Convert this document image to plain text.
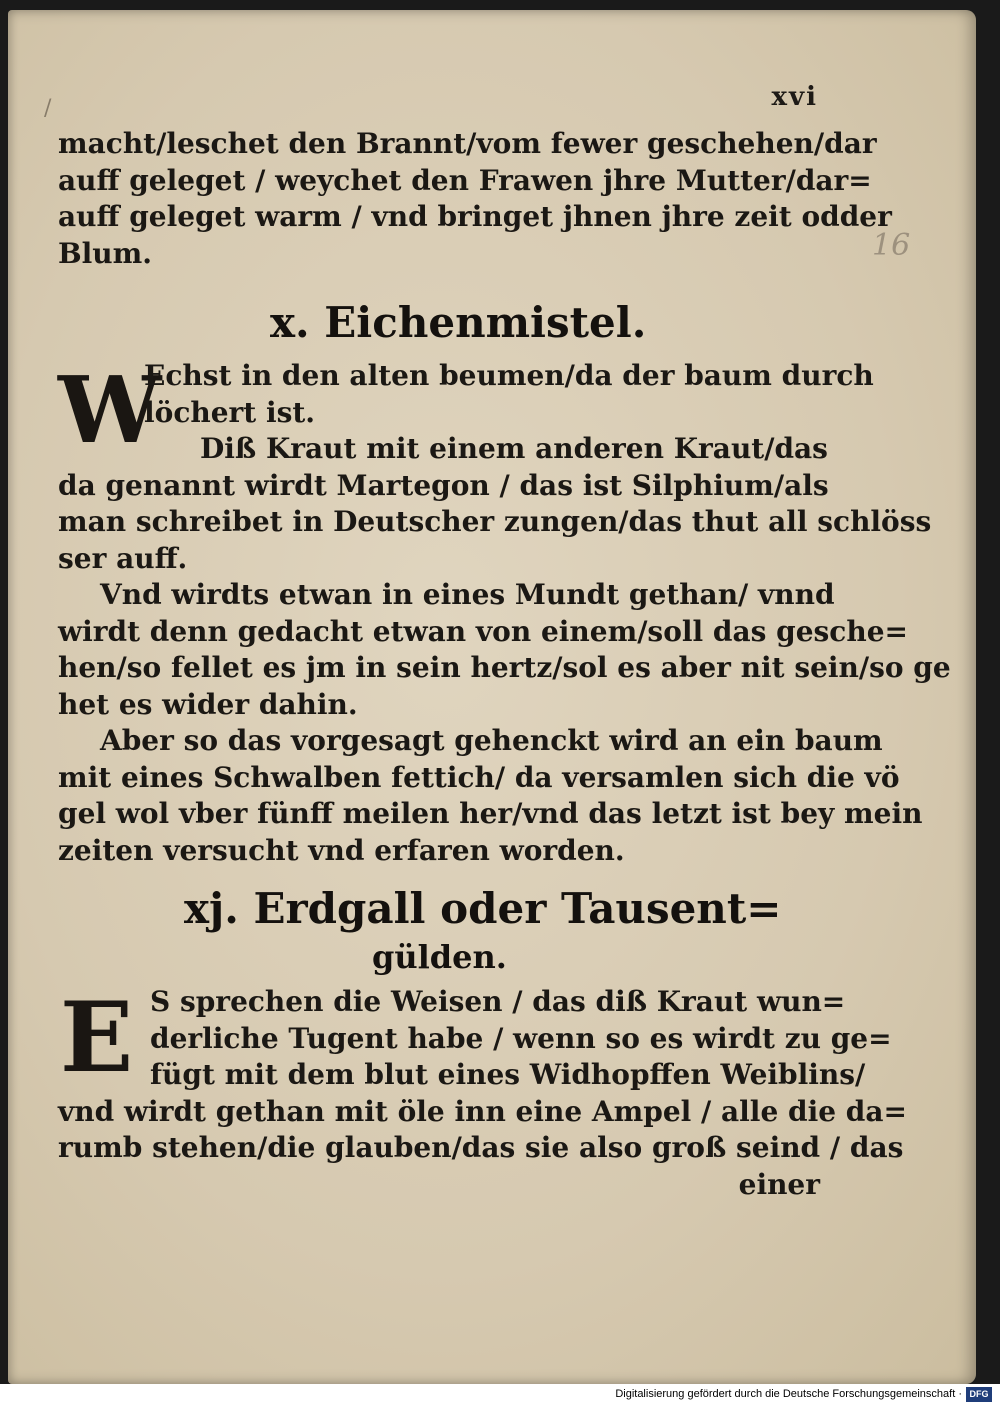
/	xvi
16
macht/leschet den Brannt/vom fewer geschehen/dar
auff geleget / weychet den Frawen jhre Mutter/dar=
auff geleget warm / vnd bringet jhnen jhre zeit odder
Blum.
x. Eichenmistel.
W
Echst in den alten beumen/da der baum durch
löchert ist.
Diß Kraut mit einem anderen Kraut/das
da genannt wirdt Martegon / das ist Silphium/als
man schreibet in Deutscher zungen/das thut all schlöss
ser auff.
Vnd wirdts etwan in eines Mundt gethan/ vnnd
wirdt denn gedacht etwan von einem/soll das gesche=
hen/so fellet es jm in sein hertz/sol es aber nit sein/so ge
het es wider dahin.
Aber so das vorgesagt gehenckt wird an ein baum
mit eines Schwalben fettich/ da versamlen sich die vö
gel wol vber fünff meilen her/vnd das letzt ist bey mein
zeiten versucht vnd erfaren worden.
xj. Erdgall oder Tausent=
gülden.
E S sprechen die Weisen / das diß Kraut wun=
derliche Tugent habe / wenn so es wirdt zu ge=
fügt mit dem blut eines Widhopffen Weiblins/
vnd wirdt gethan mit öle inn eine Ampel / alle die da=
rumb stehen/die glauben/das sie also groß seind / das
einer
Digitalisierung gefördert durch die Deutsche Forschungsgemeinschaft · DFG
